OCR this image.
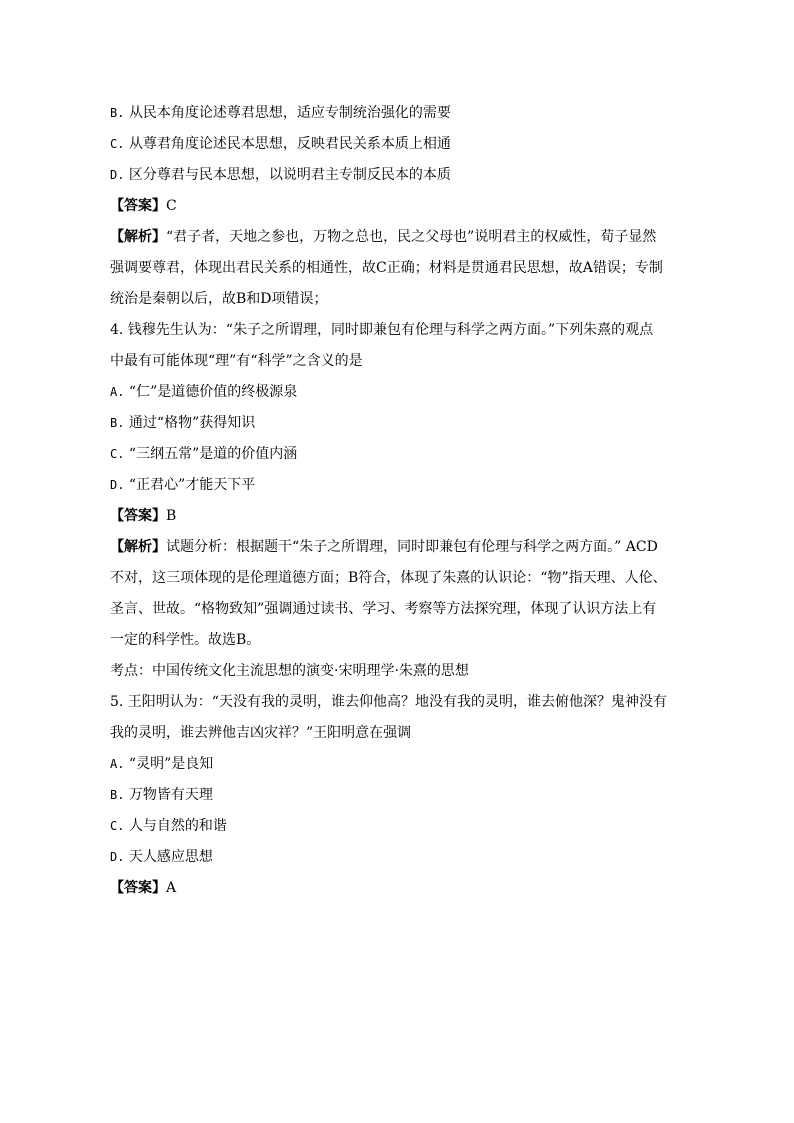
B. 从民本角度论述尊君思想，适应专制统治强化的需要
C. 从尊君角度论述民本思想，反映君民关系本质上相通
D. 区分尊君与民本思想，以说明君主专制反民本的本质
【答案】C
【解析】“君子者，天地之参也，万物之总也，民之父母也”说明君主的权威性，荀子显然
强调要尊君，体现出君民关系的相通性，故C正确；材料是贯通君民思想，故A错误；专制
统治是秦朝以后，故B和D项错误；
4. 钱穆先生认为：“朱子之所谓理，同时即兼包有伦理与科学之两方面。”下列朱熹的观点
中最有可能体现“理”有“科学”之含义的是
A. “仁”是道德价值的终极源泉
B. 通过“格物”获得知识
C. “三纲五常”是道的价值内涵
D. “正君心”才能天下平
【答案】B
【解析】试题分析：根据题干“朱子之所谓理，同时即兼包有伦理与科学之两方面。” ACD
不对，这三项体现的是伦理道德方面；B符合，体现了朱熹的认识论：“物”指天理、人伦、
圣言、世故。“格物致知”强调通过读书、学习、考察等方法探究理，体现了认识方法上有
一定的科学性。故选B。
考点：中国传统文化主流思想的演变·宋明理学·朱熹的思想
5. 王阳明认为：“天没有我的灵明，谁去仰他高？地没有我的灵明，谁去俯他深？鬼神没有
我的灵明，谁去辨他吉凶灾祥？”王阳明意在强调
A. “灵明”是良知
B. 万物皆有天理
C. 人与自然的和谐
D. 天人感应思想
【答案】A
